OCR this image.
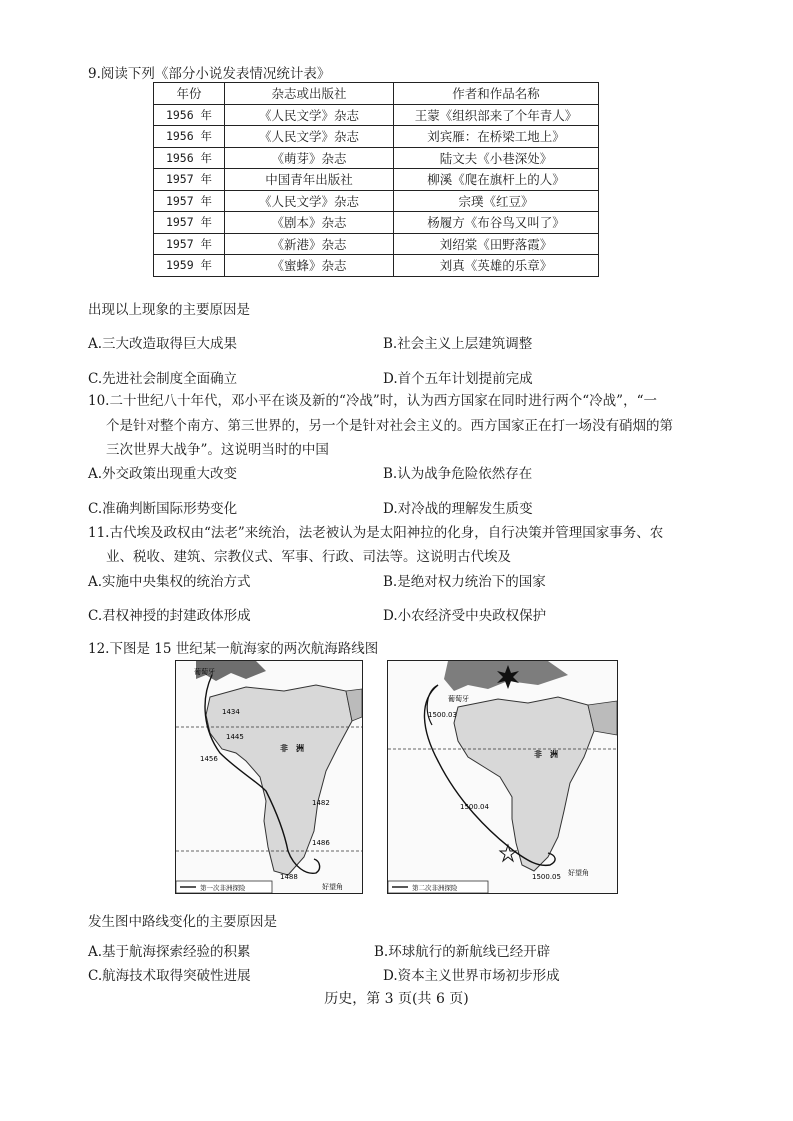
9.阅读下列《部分小说发表情况统计表》
年份	杂志或出版社	作者和作品名称
1956 年	《人民文学》杂志	王蒙《组织部来了个年青人》
1956 年	《人民文学》杂志	刘宾雁：在桥梁工地上》
1956 年	《萌芽》杂志	陆文夫《小巷深处》
1957 年	中国青年出版社	柳溪《爬在旗杆上的人》
1957 年	《人民文学》杂志	宗璞《红豆》
1957 年	《剧本》杂志	杨履方《布谷鸟又叫了》
1957 年	《新港》杂志	刘绍棠《田野落霞》
1959 年	《蜜蜂》杂志	刘真《英雄的乐章》
出现以上现象的主要原因是
A.三大改造取得巨大成果	B.社会主义上层建筑调整
C.先进社会制度全面确立	D.首个五年计划提前完成
10.二十世纪八十年代，邓小平在谈及新的“冷战”时，认为西方国家在同时进行两个“冷战”，“一
个是针对整个南方、第三世界的，另一个是针对社会主义的。西方国家正在打一场没有硝烟的第
三次世界大战争”。这说明当时的中国
A.外交政策出现重大改变	B.认为战争危险依然存在
C.准确判断国际形势变化	D.对冷战的理解发生质变
11.古代埃及政权由“法老”来统治，法老被认为是太阳神拉的化身，自行决策并管理国家事务、农
业、税收、建筑、宗教仪式、军事、行政、司法等。这说明古代埃及
A.实施中央集权的统治方式	B.是绝对权力统治下的国家
C.君权神授的封建政体形成	D.小农经济受中央政权保护
12.下图是 15 世纪某一航海家的两次航海路线图
葡萄牙
1434
1445
1456
非　洲
1482
1486
1488
好望角
第一次非洲探险
葡萄牙
1500.03
1500.04
非　洲
1500.05 好望角
第二次非洲探险
发生图中路线变化的主要原因是
A.基于航海探索经验的积累	B.环球航行的新航线已经开辟
C.航海技术取得突破性进展	D.资本主义世界市场初步形成
历史，第 3 页(共 6 页)
